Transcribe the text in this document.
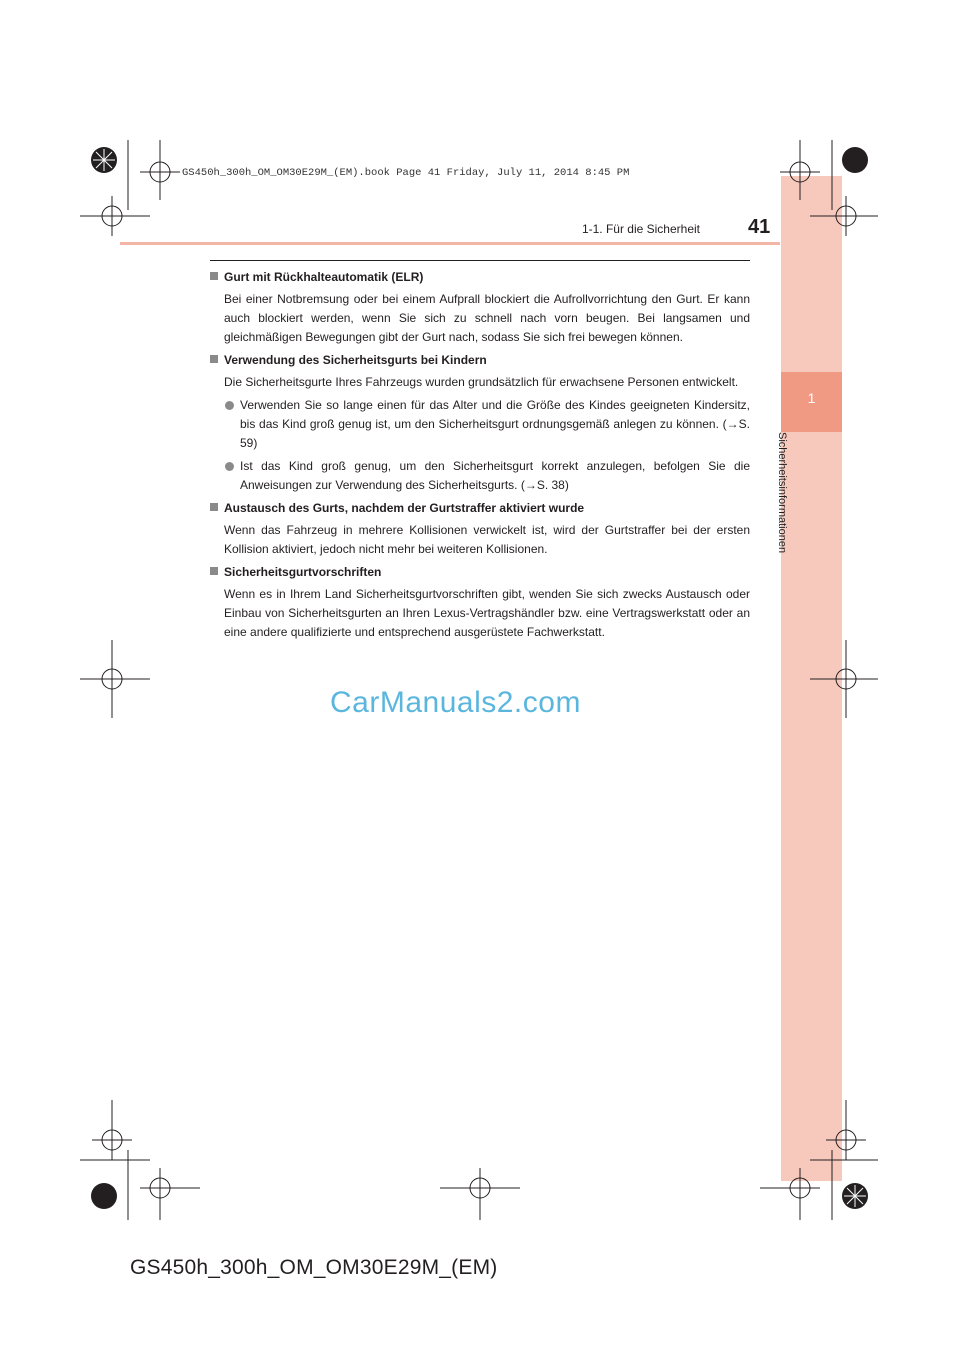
1
Sicherheitsinformationen
GS450h_300h_OM_OM30E29M_(EM).book Page 41 Friday, July 11, 2014 8:45 PM
1-1. Für die Sicherheit 41
Gurt mit Rückhalteautomatik (ELR)
Bei einer Notbremsung oder bei einem Aufprall blockiert die Aufrollvorrichtung den Gurt. Er kann auch blockiert werden, wenn Sie sich zu schnell nach vorn beugen. Bei langsamen und gleichmäßigen Bewegungen gibt der Gurt nach, sodass Sie sich frei bewegen können.
Verwendung des Sicherheitsgurts bei Kindern
Die Sicherheitsgurte Ihres Fahrzeugs wurden grundsätzlich für erwachsene Personen entwickelt.
Verwenden Sie so lange einen für das Alter und die Größe des Kindes geeigneten Kindersitz, bis das Kind groß genug ist, um den Sicherheitsgurt ordnungsgemäß anlegen zu können. (→S. 59)
Ist das Kind groß genug, um den Sicherheitsgurt korrekt anzulegen, befolgen Sie die Anweisungen zur Verwendung des Sicherheitsgurts. (→S. 38)
Austausch des Gurts, nachdem der Gurtstraffer aktiviert wurde
Wenn das Fahrzeug in mehrere Kollisionen verwickelt ist, wird der Gurtstraffer bei der ersten Kollision aktiviert, jedoch nicht mehr bei weiteren Kollisionen.
Sicherheitsgurtvorschriften
Wenn es in Ihrem Land Sicherheitsgurtvorschriften gibt, wenden Sie sich zwecks Austausch oder Einbau von Sicherheitsgurten an Ihren Lexus-Vertragshändler bzw. eine Vertragswerkstatt oder an eine andere qualifizierte und entsprechend ausgerüstete Fachwerkstatt.
CarManuals2.com
GS450h_300h_OM_OM30E29M_(EM)
